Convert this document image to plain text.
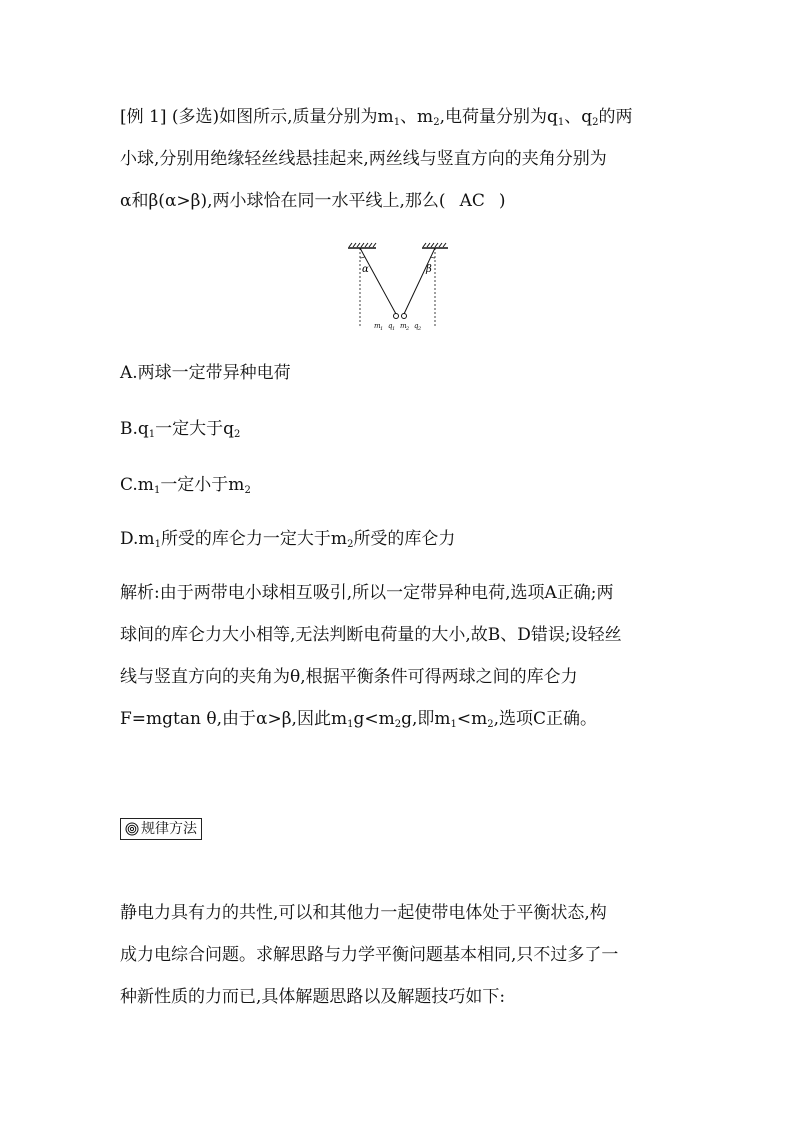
[例 1] (多选)如图所示,质量分别为$m_1$、$m_2$,电荷量分别为$q_1$、$q_2$的两
小球,分别用绝缘轻丝线悬挂起来,两丝线与竖直方向的夹角分别为
α和β(α>β),两小球恰在同一水平线上,那么( AC )
α	β
m 1 q 1 m 2 q 2
A.两球一定带异种电荷
$B.q_1$一定大于$q_2$
$C.m_1$一定小于$m_2$
$D.m_1$所受的库仑力一定大于$m_2$所受的库仑力
解析:由于两带电小球相互吸引,所以一定带异种电荷,选项A正确;两
球间的库仑力大小相等,无法判断电荷量的大小,故B、D错误;设轻丝
线与竖直方向的夹角为θ,根据平衡条件可得两球之间的库仑力
F=mgtan θ,由于α>β,因此$m_1g<m_2g$,即$m_1<m_2$,选项C正确。
规律方法
静电力具有力的共性,可以和其他力一起使带电体处于平衡状态,构
成力电综合问题。求解思路与力学平衡问题基本相同,只不过多了一
种新性质的力而已,具体解题思路以及解题技巧如下:
